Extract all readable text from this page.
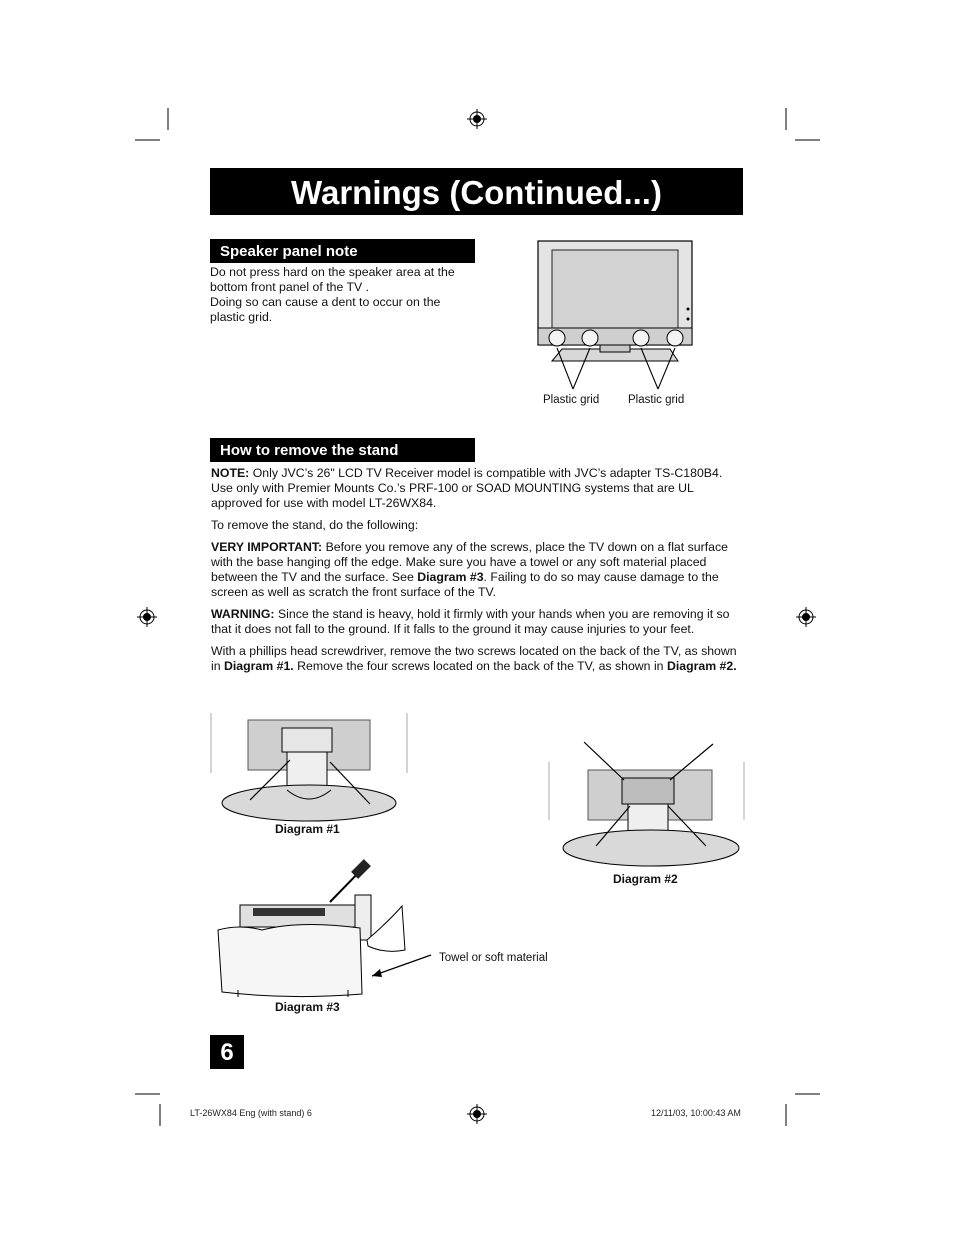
Warnings (Continued...)
Speaker panel note
Do not press hard on the speaker area at the
bottom front panel of the TV .
Doing so can cause a dent to occur on the
plastic grid.
Plastic grid	Plastic grid
How to remove the stand

NOTE: Only JVC’s 26" LCD TV Receiver model is compatible with JVC’s adapter TS-C180B4. Use only with Premier Mounts Co.’s PRF-100 or SOAD MOUNTING systems that are UL approved for use with model LT-26WX84.

To remove the stand, do the following:

VERY IMPORTANT: Before you remove any of the screws, place the TV down on a flat surface with the base hanging off the edge. Make sure you have a towel or any soft material placed between the TV and the surface. See Diagram #3. Failing to do so may cause damage to the screen as well as scratch the front surface of the TV.

WARNING: Since the stand is heavy, hold it firmly with your hands when you are removing it so that it does not fall to the ground. If it falls to the ground it may cause injuries to your feet.

With a phillips head screwdriver, remove the two screws located on the back of the TV, as shown in Diagram #1. Remove the four screws located on the back of the TV, as shown in Diagram #2.

Diagram #1
Diagram #2
Diagram #3
Towel or soft material
6
LT-26WX84 Eng (with stand) 6	12/11/03, 10:00:43 AM
